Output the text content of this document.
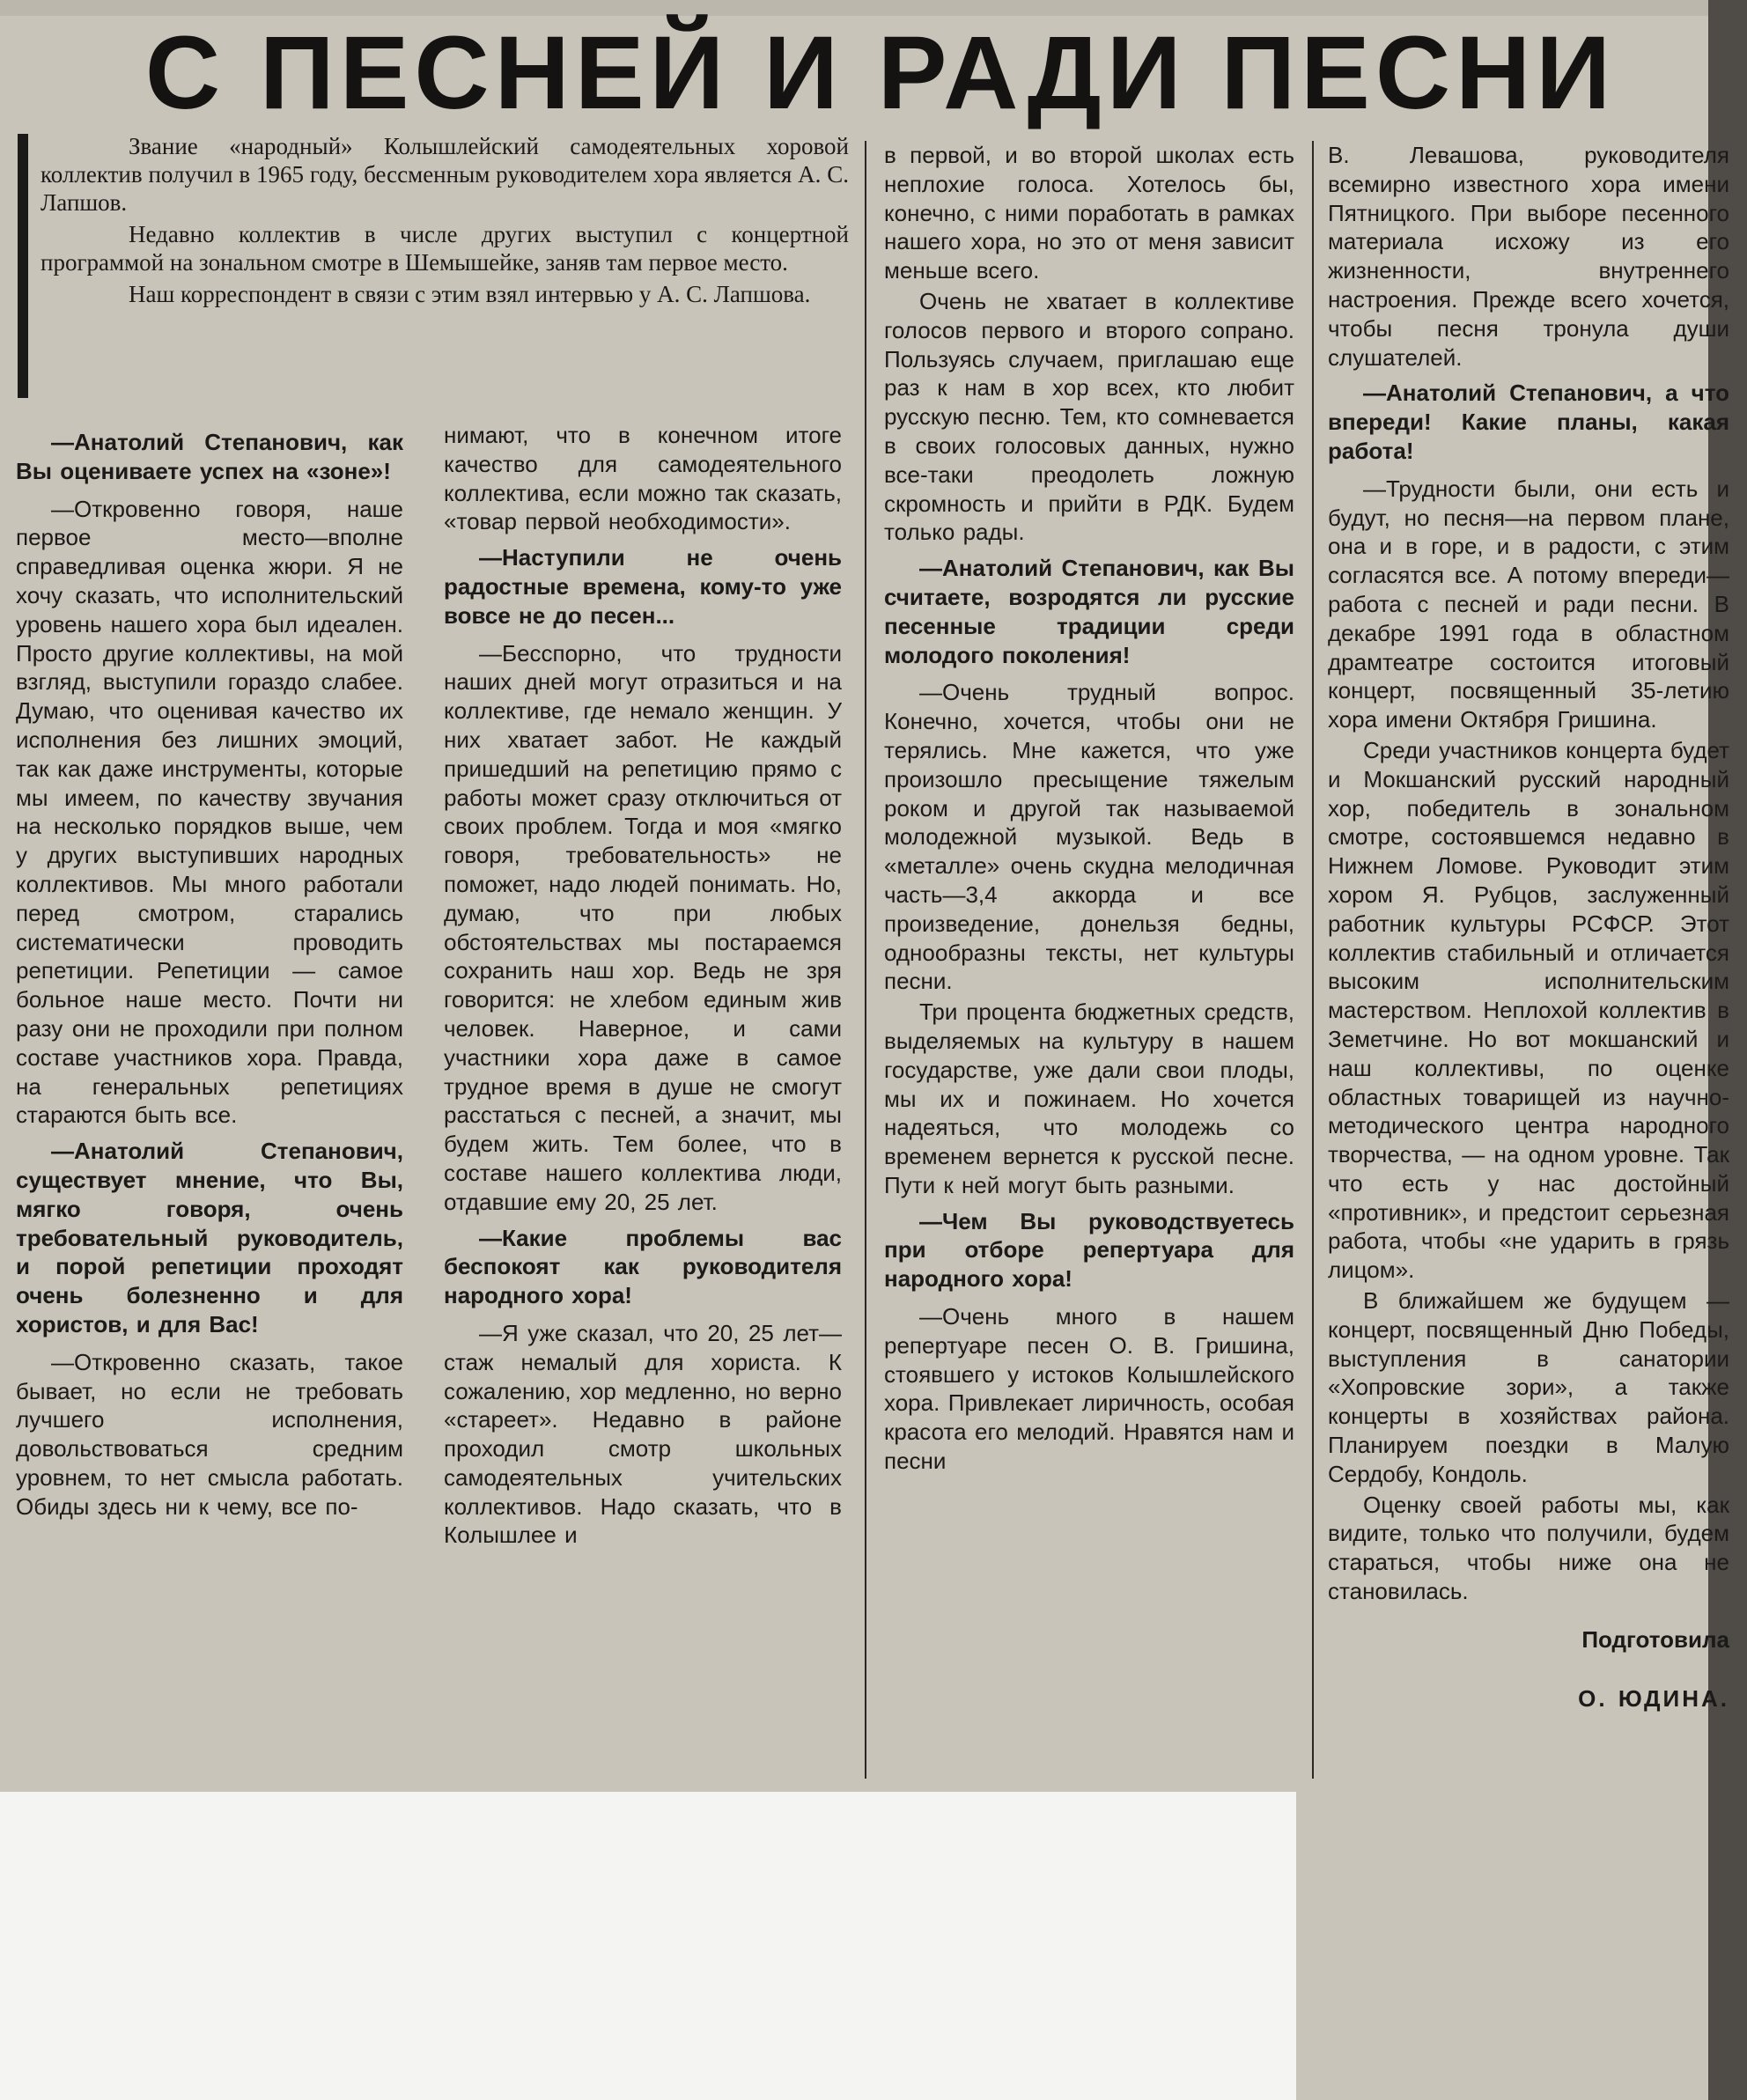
С ПЕСНЕЙ И РАДИ ПЕСНИ

Звание «народный» Колышлейский самодеятельных хоровой коллектив получил в 1965 году, бессменным руководителем хора является А. С. Лапшов.

Недавно коллектив в числе других выступил с концертной программой на зональном смотре в Шемышейке, заняв там первое место.

Наш корреспондент в связи с этим взял интервью у А. С. Лапшова.

—Анатолий Степанович, как Вы оцениваете успех на «зоне»!

—Откровенно говоря, наше первое место—вполне справедливая оценка жюри. Я не хочу сказать, что исполнительский уровень нашего хора был идеален. Просто другие коллективы, на мой взгляд, выступили гораздо слабее. Думаю, что оценивая качество их исполнения без лишних эмоций, так как даже инструменты, которые мы имеем, по качеству звучания на несколько порядков выше, чем у других выступивших народных коллективов. Мы много работали перед смотром, старались систематически проводить репетиции. Репетиции — самое больное наше место. Почти ни разу они не проходили при полном составе участников хора. Правда, на генеральных репетициях стараются быть все.

—Анатолий Степанович, существует мнение, что Вы, мягко говоря, очень требовательный руководитель, и порой репетиции проходят очень болезненно и для хористов, и для Вас!

—Откровенно сказать, такое бывает, но если не требовать лучшего исполнения, довольствоваться средним уровнем, то нет смысла работать. Обиды здесь ни к чему, все по-

нимают, что в конечном итоге качество для самодеятельного коллектива, если можно так сказать, «товар первой необходимости».

—Наступили не очень радостные времена, кому-то уже вовсе не до песен...

—Бесспорно, что трудности наших дней могут отразиться и на коллективе, где немало женщин. У них хватает забот. Не каждый пришедший на репетицию прямо с работы может сразу отключиться от своих проблем. Тогда и моя «мягко говоря, требовательность» не поможет, надо людей понимать. Но, думаю, что при любых обстоятельствах мы постараемся сохранить наш хор. Ведь не зря говорится: не хлебом единым жив человек. Наверное, и сами участники хора даже в самое трудное время в душе не смогут расстаться с песней, а значит, мы будем жить. Тем более, что в составе нашего коллектива люди, отдавшие ему 20, 25 лет.

—Какие проблемы вас беспокоят как руководителя народного хора!

—Я уже сказал, что 20, 25 лет—стаж немалый для хориста. К сожалению, хор медленно, но верно «стареет». Недавно в районе проходил смотр школьных самодеятельных учительских коллективов. Надо сказать, что в Колышлее и

в первой, и во второй школах есть неплохие голоса. Хотелось бы, конечно, с ними поработать в рамках нашего хора, но это от меня зависит меньше всего.

Очень не хватает в коллективе голосов первого и второго сопрано. Пользуясь случаем, приглашаю еще раз к нам в хор всех, кто любит русскую песню. Тем, кто сомневается в своих голосовых данных, нужно все-таки преодолеть ложную скромность и прийти в РДК. Будем только рады.

—Анатолий Степанович, как Вы считаете, возродятся ли русские песенные традиции среди молодого поколения!

—Очень трудный вопрос. Конечно, хочется, чтобы они не терялись. Мне кажется, что уже произошло пресыщение тяжелым роком и другой так называемой молодежной музыкой. Ведь в «металле» очень скудна мелодичная часть—3,4 аккорда и все произведение, донельзя бедны, однообразны тексты, нет культуры песни.

Три процента бюджетных средств, выделяемых на культуру в нашем государстве, уже дали свои плоды, мы их и пожинаем. Но хочется надеяться, что молодежь со временем вернется к русской песне. Пути к ней могут быть разными.

—Чем Вы руководствуетесь при отборе репертуара для народного хора!

—Очень много в нашем репертуаре песен О. В. Гришина, стоявшего у истоков Колышлейского хора. Привлекает лиричность, особая красота его мелодий. Нравятся нам и песни

В. Левашова, руководителя всемирно известного хора имени Пятницкого. При выборе песенного материала исхожу из его жизненности, внутреннего настроения. Прежде всего хочется, чтобы песня тронула души слушателей.

—Анатолий Степанович, а что впереди! Какие планы, какая работа!

—Трудности были, они есть и будут, но песня—на первом плане, она и в горе, и в радости, с этим согласятся все. А потому впереди—работа с песней и ради песни. В декабре 1991 года в областном драмтеатре состоится итоговый концерт, посвященный 35-летию хора имени Октября Гришина.

Среди участников концерта будет и Мокшанский русский народный хор, победитель в зональном смотре, состоявшемся недавно в Нижнем Ломове. Руководит этим хором Я. Рубцов, заслуженный работник культуры РСФСР. Этот коллектив стабильный и отличается высоким исполнительским мастерством. Неплохой коллектив в Земетчине. Но вот мокшанский и наш коллективы, по оценке областных товарищей из научно-методического центра народного творчества, — на одном уровне. Так что есть у нас достойный «противник», и предстоит серьезная работа, чтобы «не ударить в грязь лицом».

В ближайшем же будущем — концерт, посвященный Дню Победы, выступления в санатории «Хопровские зори», а также концерты в хозяйствах района. Планируем поездки в Малую Сердобу, Кондоль.

Оценку своей работы мы, как видите, только что получили, будем стараться, чтобы ниже она не становилась.

Подготовила

О. ЮДИНА.
